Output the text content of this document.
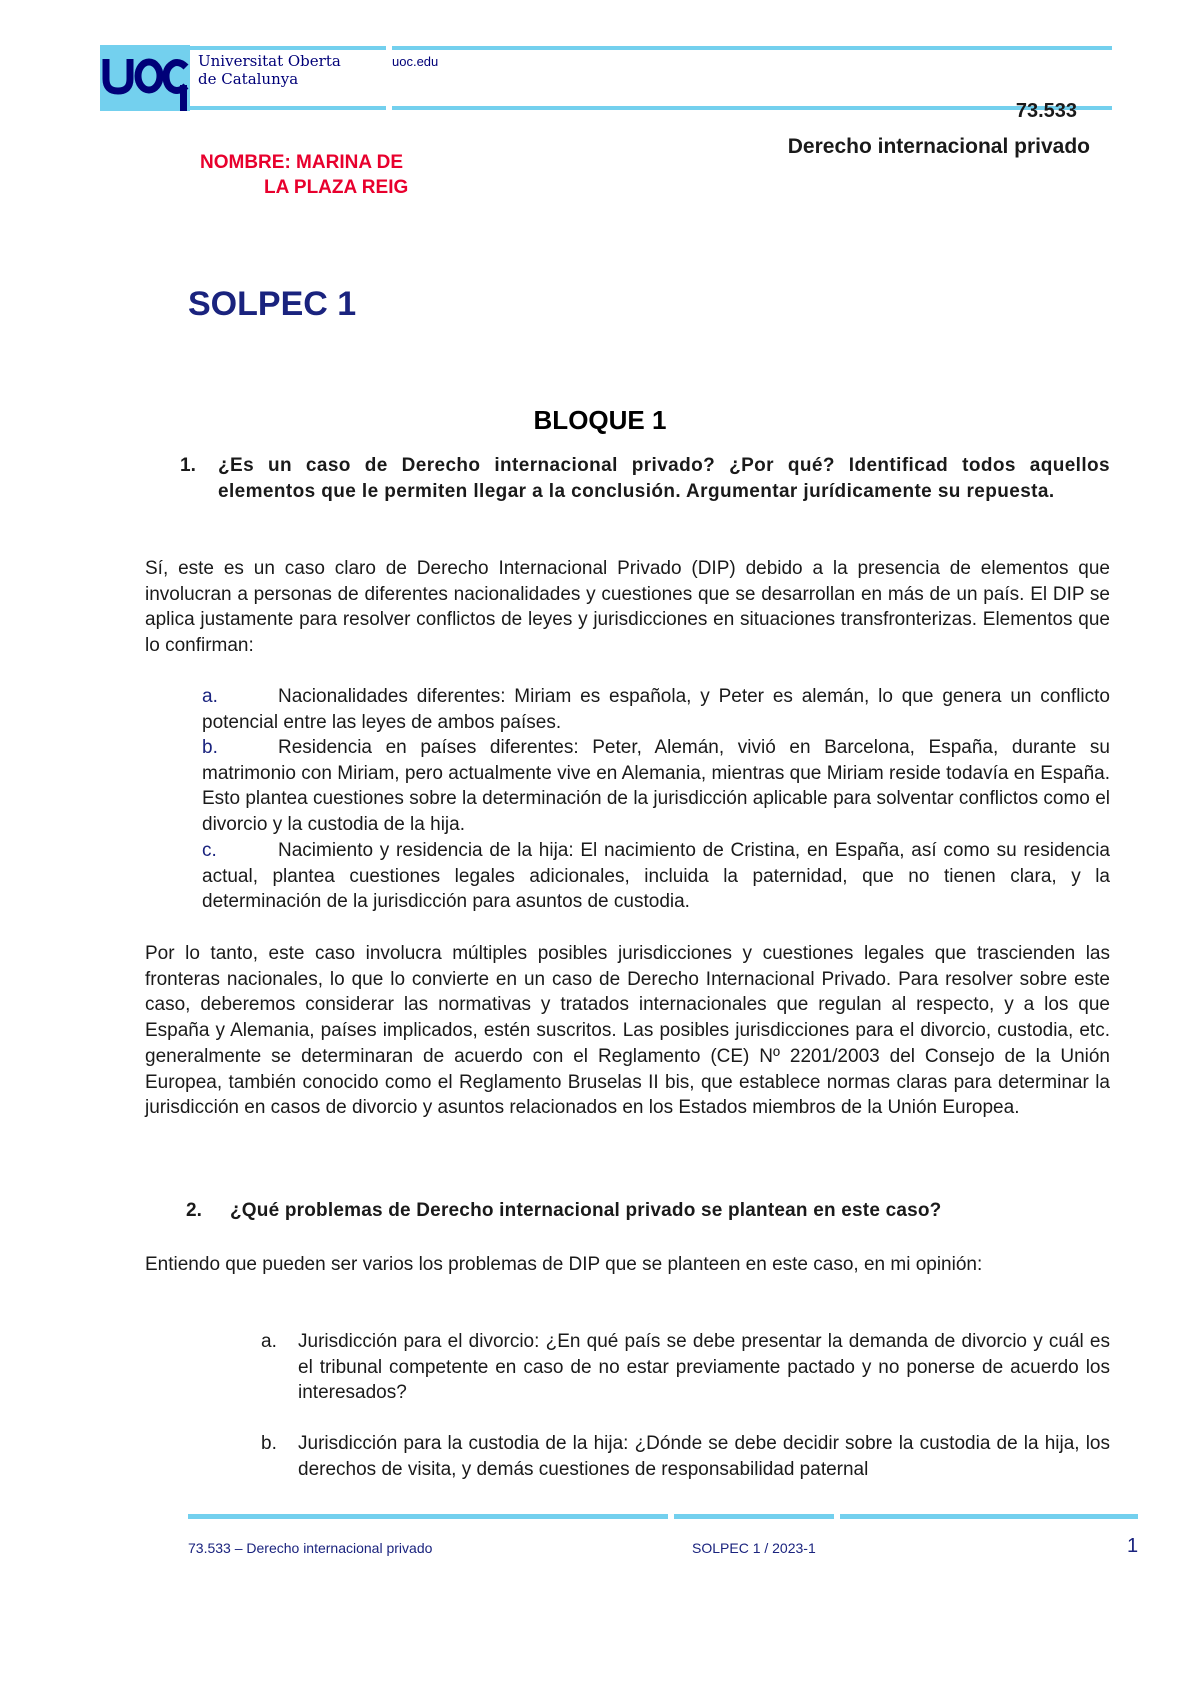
Universitat Oberta
de Catalunya
uoc.edu
73.533
Derecho internacional privado
NOMBRE: MARINA DE
LA PLAZA REIG
SOLPEC 1
BLOQUE 1
1. ¿Es un caso de Derecho internacional privado? ¿Por qué? Identificad todos aquellos elementos que le permiten llegar a la conclusión. Argumentar jurídicamente su repuesta.
Sí, este es un caso claro de Derecho Internacional Privado (DIP) debido a la presencia de elementos que involucran a personas de diferentes nacionalidades y cuestiones que se desarrollan en más de un país. El DIP se aplica justamente para resolver conflictos de leyes y jurisdicciones en situaciones transfronterizas. Elementos que lo confirman:
a.	Nacionalidades diferentes: Miriam es española, y Peter es alemán, lo que genera un conflicto potencial entre las leyes de ambos países.
b.	Residencia en países diferentes: Peter, Alemán, vivió en Barcelona, España, durante su matrimonio con Miriam, pero actualmente vive en Alemania, mientras que Miriam reside todavía en España. Esto plantea cuestiones sobre la determinación de la jurisdicción aplicable para solventar conflictos como el divorcio y la custodia de la hija.
c.	Nacimiento y residencia de la hija: El nacimiento de Cristina, en España, así como su residencia actual, plantea cuestiones legales adicionales, incluida la paternidad, que no tienen clara, y la determinación de la jurisdicción para asuntos de custodia.
Por lo tanto, este caso involucra múltiples posibles jurisdicciones y cuestiones legales que trascienden las fronteras nacionales, lo que lo convierte en un caso de Derecho Internacional Privado. Para resolver sobre este caso, deberemos considerar las normativas y tratados internacionales que regulan al respecto, y a los que España y Alemania, países implicados, estén suscritos. Las posibles jurisdicciones para el divorcio, custodia, etc. generalmente se determinaran de acuerdo con el Reglamento (CE) Nº 2201/2003 del Consejo de la Unión Europea, también conocido como el Reglamento Bruselas II bis, que establece normas claras para determinar la jurisdicción en casos de divorcio y asuntos relacionados en los Estados miembros de la Unión Europea.
2. ¿Qué problemas de Derecho internacional privado se plantean en este caso?
Entiendo que pueden ser varios los problemas de DIP que se planteen en este caso, en mi opinión:
a. Jurisdicción para el divorcio: ¿En qué país se debe presentar la demanda de divorcio y cuál es el tribunal competente en caso de no estar previamente pactado y no ponerse de acuerdo los interesados?
b. Jurisdicción para la custodia de la hija: ¿Dónde se debe decidir sobre la custodia de la hija, los derechos de visita, y demás cuestiones de responsabilidad paternal
73.533 – Derecho internacional privado	SOLPEC 1 / 2023-1	1
